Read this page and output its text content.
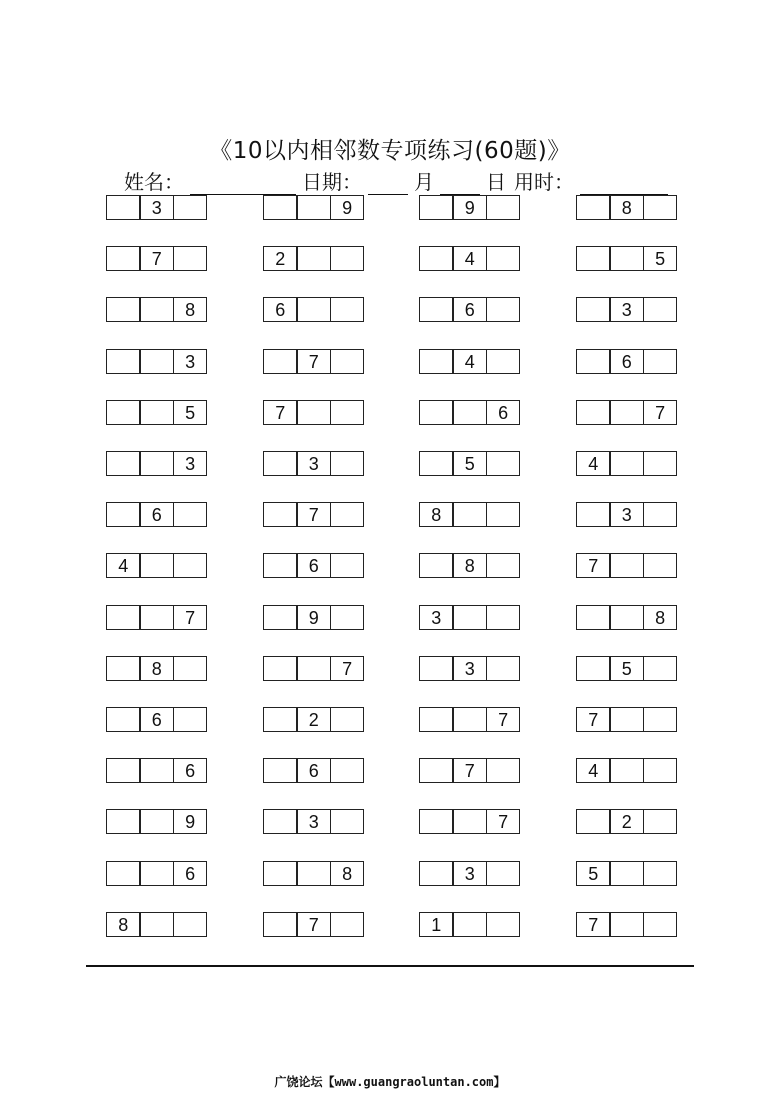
《10以内相邻数专项练习(60题)》
姓名：	日期：	月	日 用时：
3	9	9	8
7	2	4	5
8	6	6	3
3	7	4	6
5	7	6	7
3	3	5	4
6	7	8	3
4	6	8	7
7	9	3	8
8	7	3	5
6	2	7	7
6	6	7	4
9	3	7	2
6	8	3	5
8	7	1	7
广饶论坛【www.guangraoluntan.com】
